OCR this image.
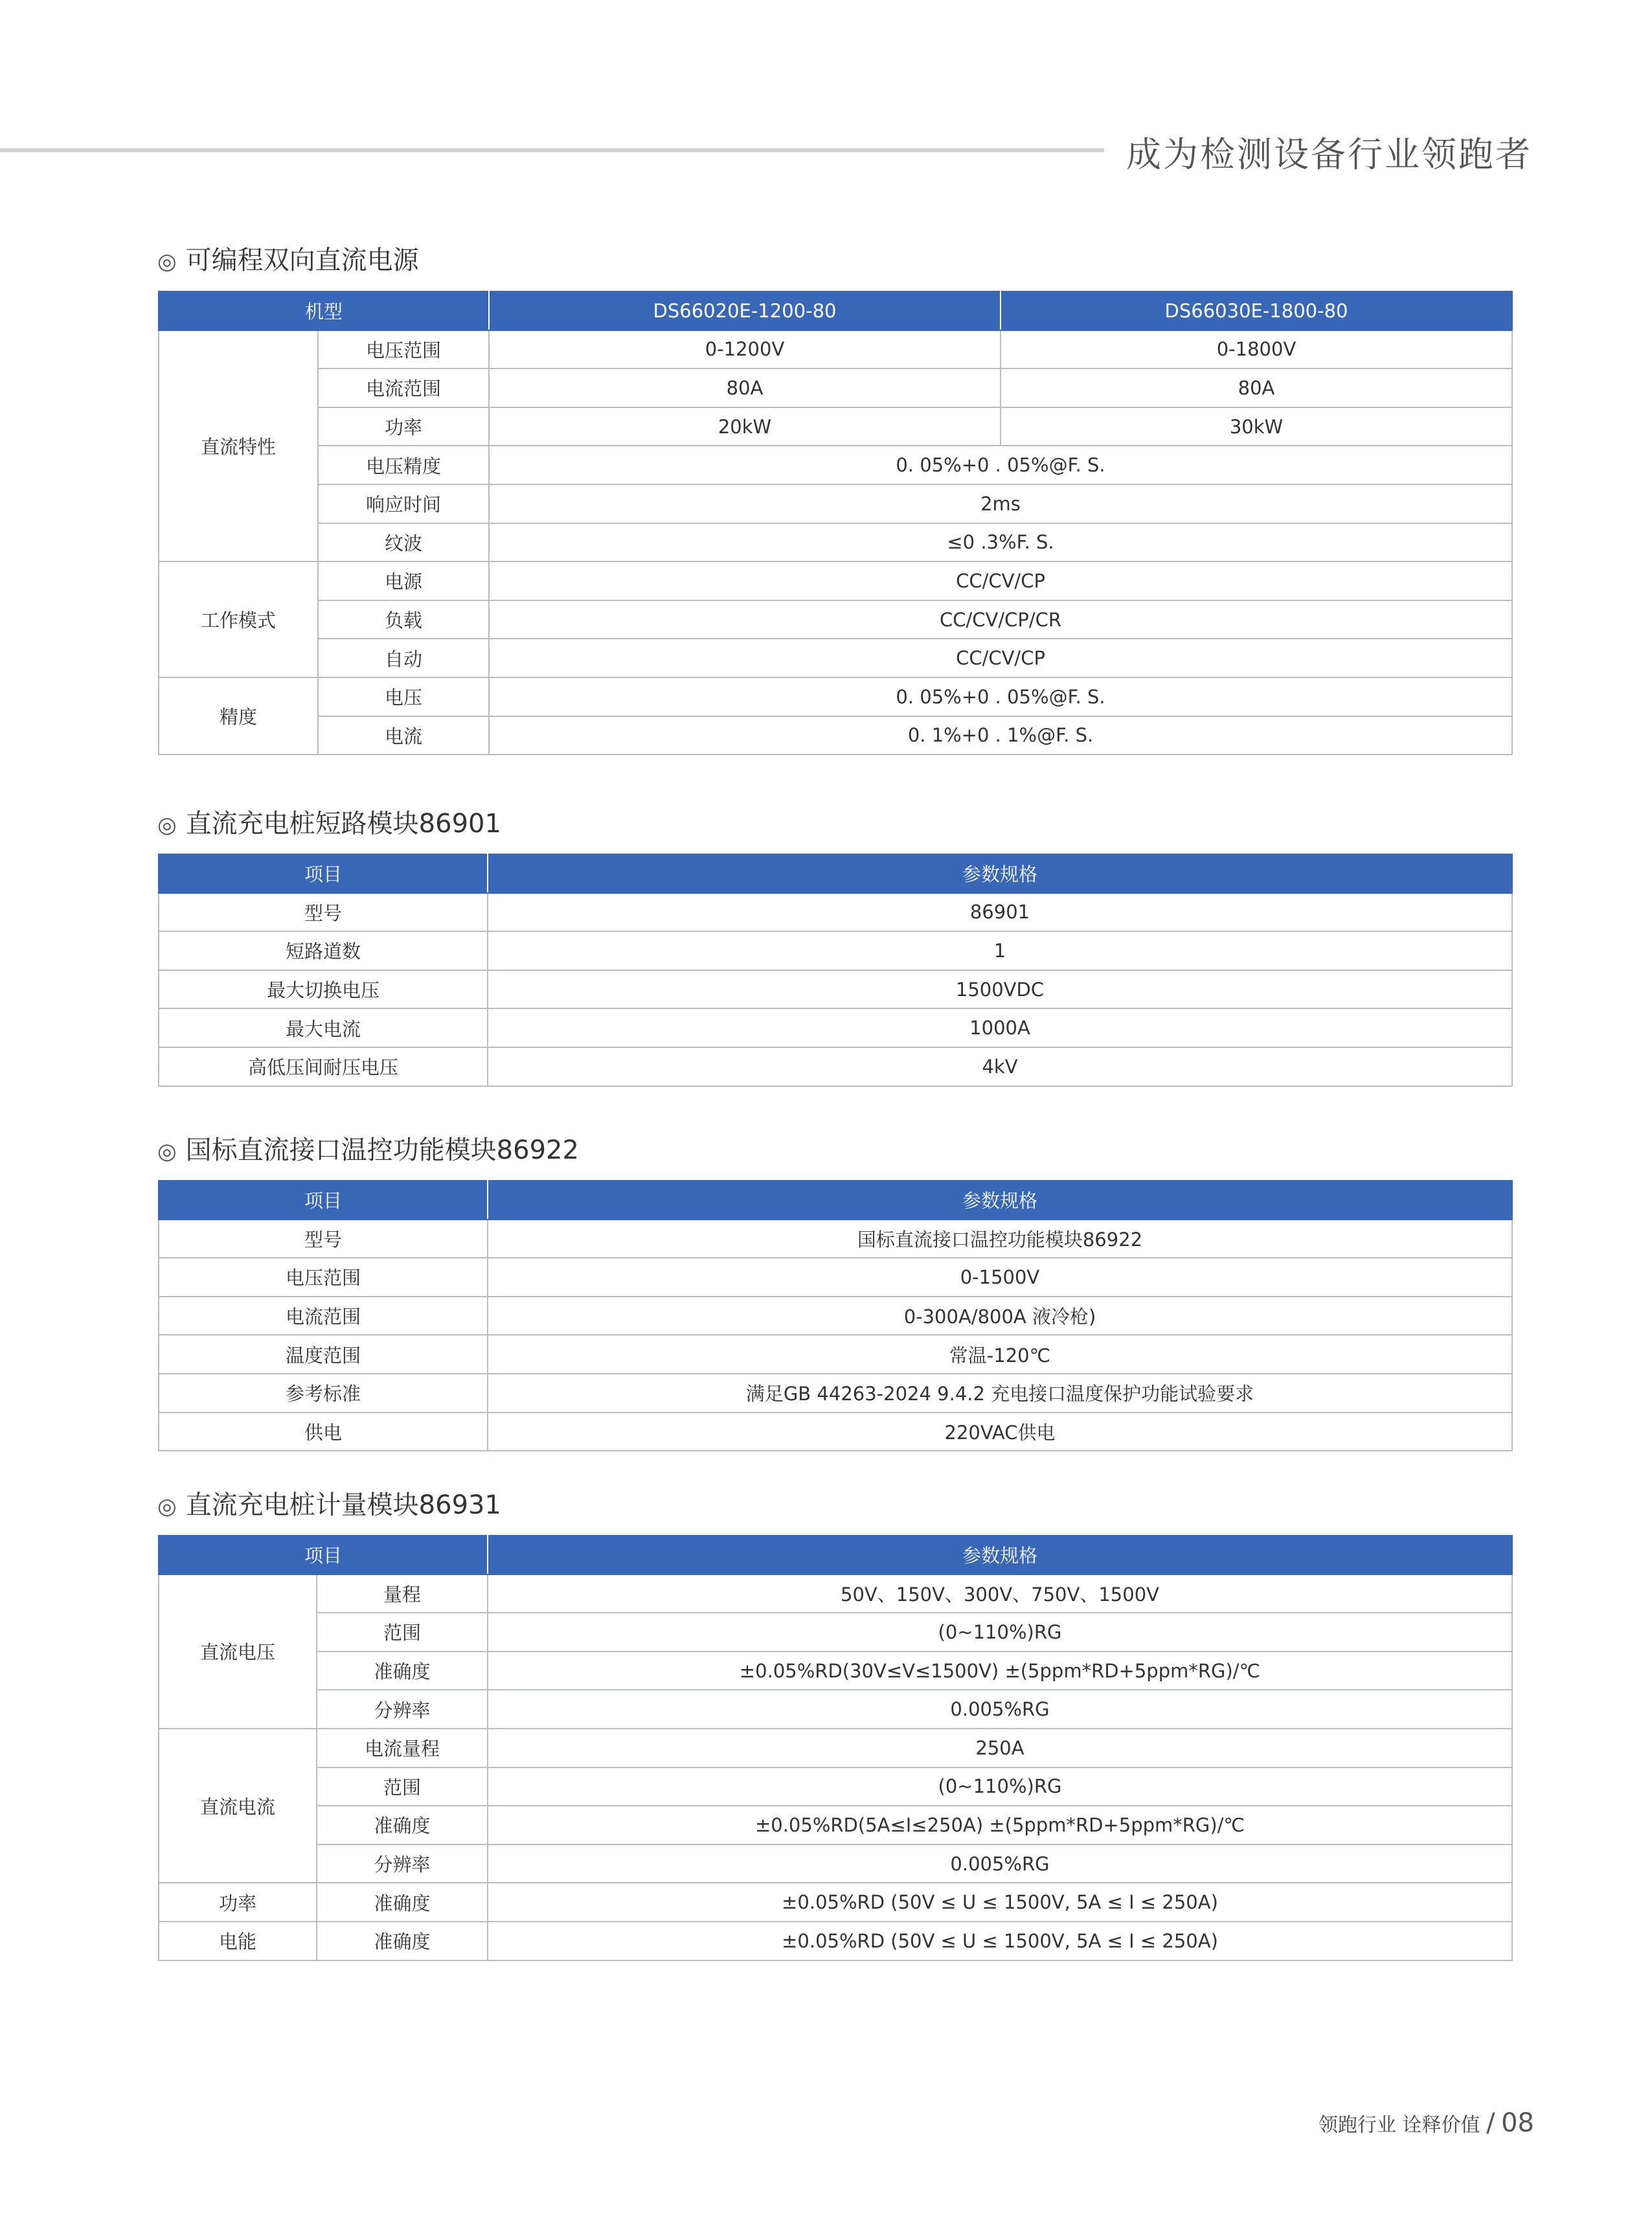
成为检测设备行业领跑者
◎ 可编程双向直流电源
机型		DS66020E-1200-80	DS66030E-1800-80
直流特性	电压范围	0-1200V	0-1800V
	电流范围	80A	80A
	功率	20kW	30kW
	电压精度	0. 05%+0 . 05%@F. S.	
	响应时间	2ms	
	纹波	≤0 .3%F. S.	
工作模式	电源	CC/CV/CP	
	负载	CC/CV/CP/CR	
	自动	CC/CV/CP	
精度	电压	0. 05%+0 . 05%@F. S.	
	电流	0. 1%+0 . 1%@F. S.	
◎ 直流充电桩短路模块86901
项目	参数规格
型号	86901
短路道数	1
最大切换电压	1500VDC
最大电流	1000A
高低压间耐压电压	4kV
◎ 国标直流接口温控功能模块86922
项目	参数规格
型号	国标直流接口温控功能模块86922
电压范围	0-1500V
电流范围	0-300A/800A 液冷枪)
温度范围	常温-120℃
参考标准	满足GB 44263-2024 9.4.2 充电接口温度保护功能试验要求
供电	220VAC供电
◎ 直流充电桩计量模块86931
项目		参数规格
直流电压	量程	50V、150V、300V、750V、1500V
	范围	(0~110%)RG
	准确度	±0.05%RD(30V≤V≤1500V) ±(5ppm*RD+5ppm*RG)/℃
	分辨率	0.005%RG
直流电流	电流量程	250A
	范围	(0~110%)RG
	准确度	±0.05%RD(5A≤I≤250A) ±(5ppm*RD+5ppm*RG)/℃
	分辨率	0.005%RG
功率	准确度	±0.05%RD (50V ≤ U ≤ 1500V, 5A ≤ I ≤ 250A)
电能	准确度	±0.05%RD (50V ≤ U ≤ 1500V, 5A ≤ I ≤ 250A)
领跑行业 诠释价值 / 08
